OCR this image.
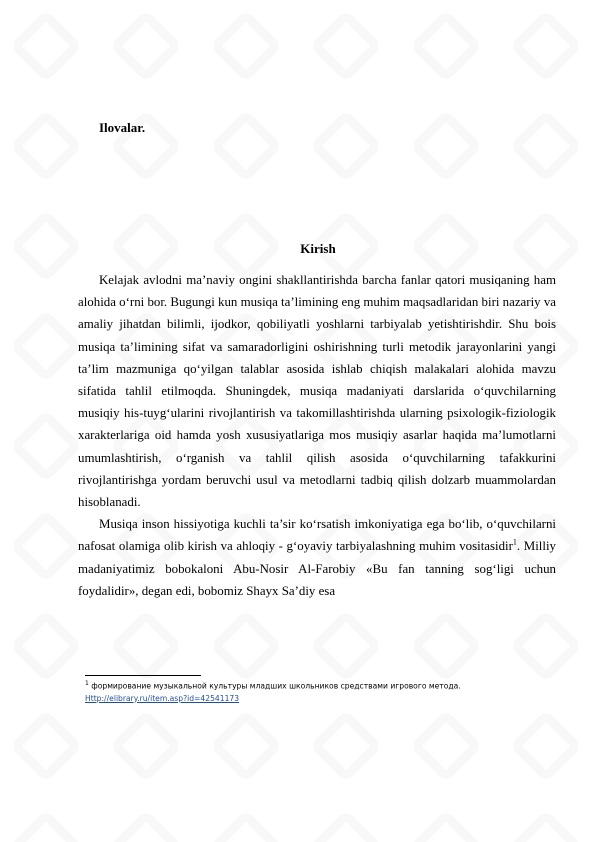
Ilovalar.
Kirish

Kelajak avlodni ma’naviy ongini shakllantirishda barcha fanlar qatori musiqaning ham alohida o‘rni bor. Bugungi kun musiqa ta’limining eng muhim maqsadlaridan biri nazariy va amaliy jihatdan bilimli, ijodkor, qobiliyatli yoshlarni tarbiyalab yetishtirishdir. Shu bois musiqa ta’limining sifat va samaradorligini oshirishning turli metodik jarayonlarini yangi ta’lim mazmuniga qo‘yilgan talablar asosida ishlab chiqish malakalari alohida mavzu sifatida tahlil etilmoqda. Shuningdek, musiqa madaniyati darslarida o‘quvchilarning musiqiy his-tuyg‘ularini rivojlantirish va takomillashtirishda ularning psixologik-fiziologik xarakterlariga oid hamda yosh xususiyatlariga mos musiqiy asarlar haqida ma’lumotlarni umumlashtirish, o‘rganish va tahlil qilish asosida o‘quvchilarning tafakkurini rivojlantirishga yordam beruvchi usul va metodlarni tadbiq qilish dolzarb muammolardan hisoblanadi.

Musiqa inson hissiyotiga kuchli ta’sir ko‘rsatish imkoniyatiga ega bo‘lib, o‘quvchilarni nafosat olamiga olib kirish va ahloqiy - g‘oyaviy tarbiyalashning muhim vositasidir$^1$. Milliy madaniyatimiz bobokaloni Abu-Nosir Al-Farobiy «Bu fan tanning sog‘ligi uchun foydalidir», degan edi, bobomiz Shayx Sa’diy esa

$^1$ формирование музыкальной культуры младших школьников средствами игрового метода.
Http://elibrary.ru/item.asp?id=42541173
